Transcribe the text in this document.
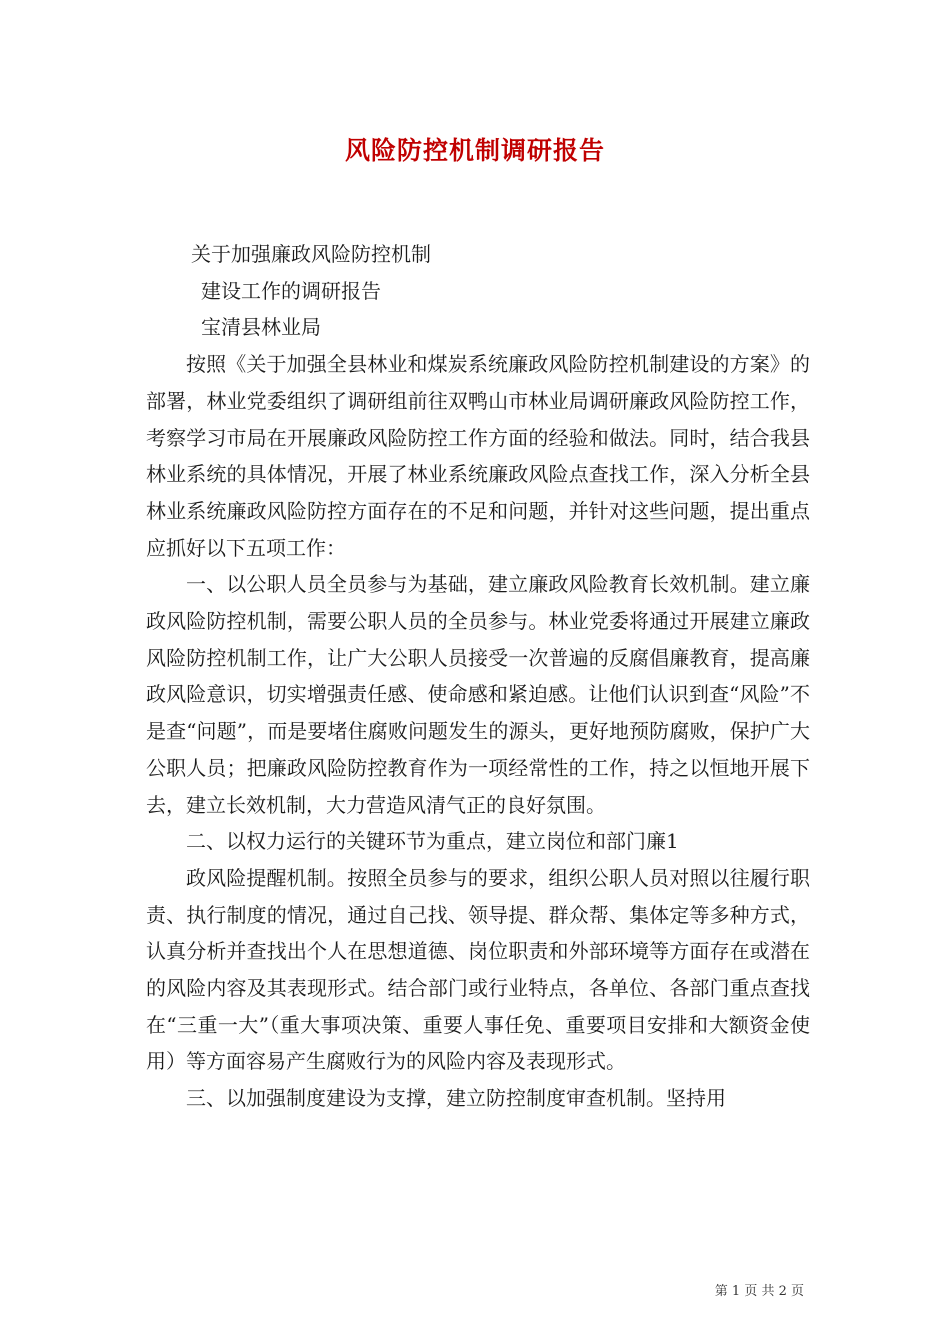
风险防控机制调研报告

关于加强廉政风险防控机制

建设工作的调研报告

宝清县林业局

按照《关于加强全县林业和煤炭系统廉政风险防控机制建设的方案》的部署，林业党委组织了调研组前往双鸭山市林业局调研廉政风险防控工作，考察学习市局在开展廉政风险防控工作方面的经验和做法。同时，结合我县林业系统的具体情况，开展了林业系统廉政风险点查找工作，深入分析全县林业系统廉政风险防控方面存在的不足和问题，并针对这些问题，提出重点应抓好以下五项工作：

一、以公职人员全员参与为基础，建立廉政风险教育长效机制。建立廉政风险防控机制，需要公职人员的全员参与。林业党委将通过开展建立廉政风险防控机制工作，让广大公职人员接受一次普遍的反腐倡廉教育，提高廉政风险意识，切实增强责任感、使命感和紧迫感。让他们认识到查“风险”不是查“问题”，而是要堵住腐败问题发生的源头，更好地预防腐败，保护广大公职人员；把廉政风险防控教育作为一项经常性的工作，持之以恒地开展下去，建立长效机制，大力营造风清气正的良好氛围。

二、以权力运行的关键环节为重点，建立岗位和部门廉1

政风险提醒机制。按照全员参与的要求，组织公职人员对照以往履行职责、执行制度的情况，通过自己找、领导提、群众帮、集体定等多种方式，认真分析并查找出个人在思想道德、岗位职责和外部环境等方面存在或潜在的风险内容及其表现形式。结合部门或行业特点，各单位、各部门重点查找在“三重一大”（重大事项决策、重要人事任免、重要项目安排和大额资金使用）等方面容易产生腐败行为的风险内容及表现形式。

三、以加强制度建设为支撑，建立防控制度审查机制。坚持用

第 1 页 共 2 页
